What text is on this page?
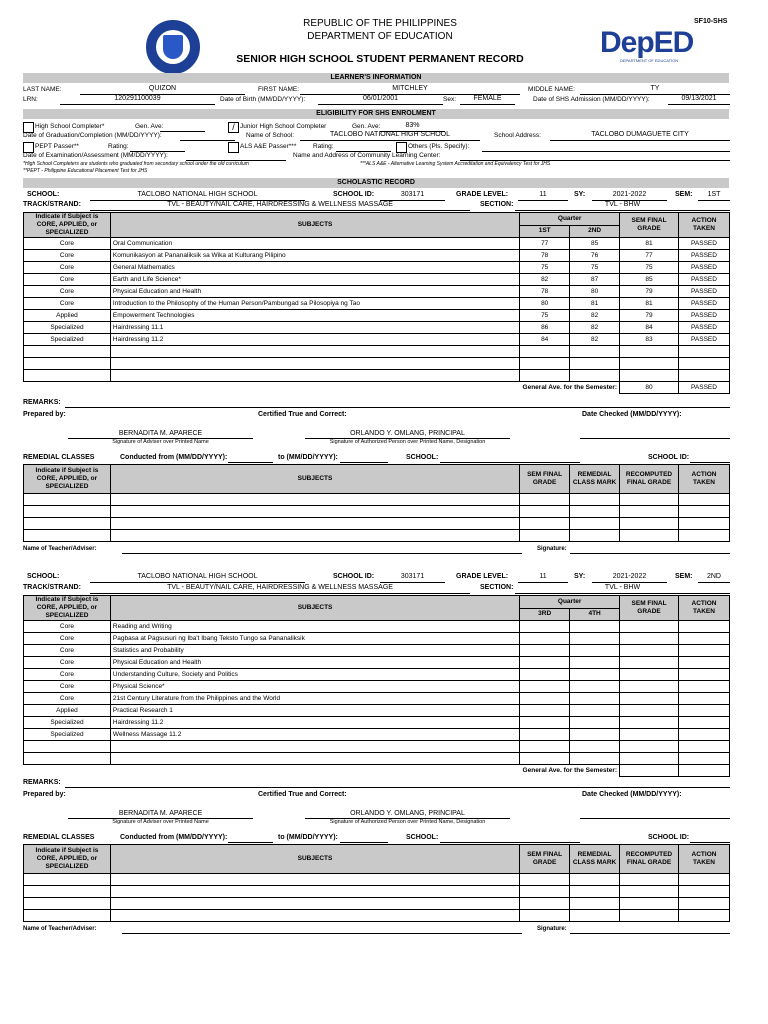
REPUBLIC OF THE PHILIPPINES
DEPARTMENT OF EDUCATION
SF10-SHS
SENIOR HIGH SCHOOL STUDENT PERMANENT RECORD	DepED
DEPARTMENT OF EDUCATION
LEARNER'S INFORMATION
LAST NAME:	QUIZON	FIRST NAME:	MITCHLEY	MIDDLE NAME:	TY
LRN:	120291100039	Date of Birth (MM/DD/YYYY):	06/01/2001	Sex:	FEMALE	Date of SHS Admission (MM/DD/YYYY):	09/13/2021
ELIGIBILITY FOR SHS ENROLMENT
High School Completer*	Gen. Ave:	/ Junior High School Completer	Gen. Ave:	83%
Date of Graduation/Completion (MM/DD/YYYY):	Name of School:	TACLOBO NATIONAL HIGH SCHOOL	School Address:	TACLOBO DUMAGUETE CITY
PEPT Passer**	Rating:	ALS A&E Passer***	Rating:	Others (Pls. Specify):
Date of Examination/Assessment (MM/DD/YYYY):	Name and Address of Community Learning Center:
*High School Completers are students who graduated from secondary school under the old curriculum	***ALS A&E - Alternative Learning System Accreditation and Equivalency Test for JHS
**PEPT - Philippine Educational Placement Test for JHS
SCHOLASTIC RECORD
SCHOOL:	TACLOBO NATIONAL HIGH SCHOOL	SCHOOL ID:	303171	GRADE LEVEL:	11	SY:	2021-2022	SEM:	1ST
TRACK/STRAND:	TVL - BEAUTY/NAIL CARE, HAIRDRESSING & WELLNESS MASSAGE	SECTION:	TVL - BHW
Indicate if Subject is CORE, APPLIED, or SPECIALIZED	SUBJECTS	Quarter		SEM FINAL GRADE	ACTION TAKEN
		1ST	2ND		
Core	Oral Communication	77	85	81	PASSED
Core	Komunikasyon at Pananaliksik sa Wika at Kulturang Pilipino	78	76	77	PASSED
Core	General Mathematics	75	75	75	PASSED
Core	Earth and Life Science*	82	87	85	PASSED
Core	Physical Education and Health	78	80	79	PASSED
Core	Introduction to the Philosophy of the Human Person/Pambungad sa Pilosopiya ng Tao	80	81	81	PASSED
Applied	Empowerment Technologies	75	82	79	PASSED
Specialized	Hairdressing 11.1	86	82	84	PASSED
Specialized	Hairdressing 11.2	84	82	83	PASSED

General Ave. for the Semester:				80	PASSED
REMARKS:
Prepared by:	Certified True and Correct:	Date Checked (MM/DD/YYYY):
BERNADITA M. APARECE
Signature of Adviser over Printed Name
ORLANDO Y. OMLANG, PRINCIPAL
Signature of Authorized Person over Printed Name, Designation
REMEDIAL CLASSES	Conducted from (MM/DD/YYYY):	to (MM/DD/YYYY):	SCHOOL:	SCHOOL ID:
Indicate if Subject is CORE, APPLIED, or SPECIALIZED	SUBJECTS	SEM FINAL GRADE	REMEDIAL CLASS MARK	RECOMPUTED FINAL GRADE	ACTION TAKEN

Name of Teacher/Adviser:	Signature:
SCHOOL:	TACLOBO NATIONAL HIGH SCHOOL	SCHOOL ID:	303171	GRADE LEVEL:	11	SY:	2021-2022	SEM:	2ND
TRACK/STRAND:	TVL - BEAUTY/NAIL CARE, HAIRDRESSING & WELLNESS MASSAGE	SECTION:	TVL - BHW
Indicate if Subject is CORE, APPLIED, or SPECIALIZED	SUBJECTS	Quarter		SEM FINAL GRADE	ACTION TAKEN
		3RD	4TH		
Core	Reading and Writing				
Core	Pagbasa at Pagsusuri ng Iba't Ibang Teksto Tungo sa Pananaliksik				
Core	Statistics and Probability				
Core	Physical Education and Health				
Core	Understanding Culture, Society and Politics				
Core	Physical Science*				
Core	21st Century Literature from the Philippines and the World				
Applied	Practical Research 1				
Specialized	Hairdressing 11.2				
Specialized	Wellness Massage 11.2				

General Ave. for the Semester:					
REMARKS:
Prepared by:	Certified True and Correct:	Date Checked (MM/DD/YYYY):
BERNADITA M. APARECE
Signature of Adviser over Printed Name
ORLANDO Y. OMLANG, PRINCIPAL
Signature of Authorized Person over Printed Name, Designation
REMEDIAL CLASSES	Conducted from (MM/DD/YYYY):	to (MM/DD/YYYY):	SCHOOL:	SCHOOL ID:
Indicate if Subject is CORE, APPLIED, or SPECIALIZED	SUBJECTS	SEM FINAL GRADE	REMEDIAL CLASS MARK	RECOMPUTED FINAL GRADE	ACTION TAKEN

Name of Teacher/Adviser:	Signature:
